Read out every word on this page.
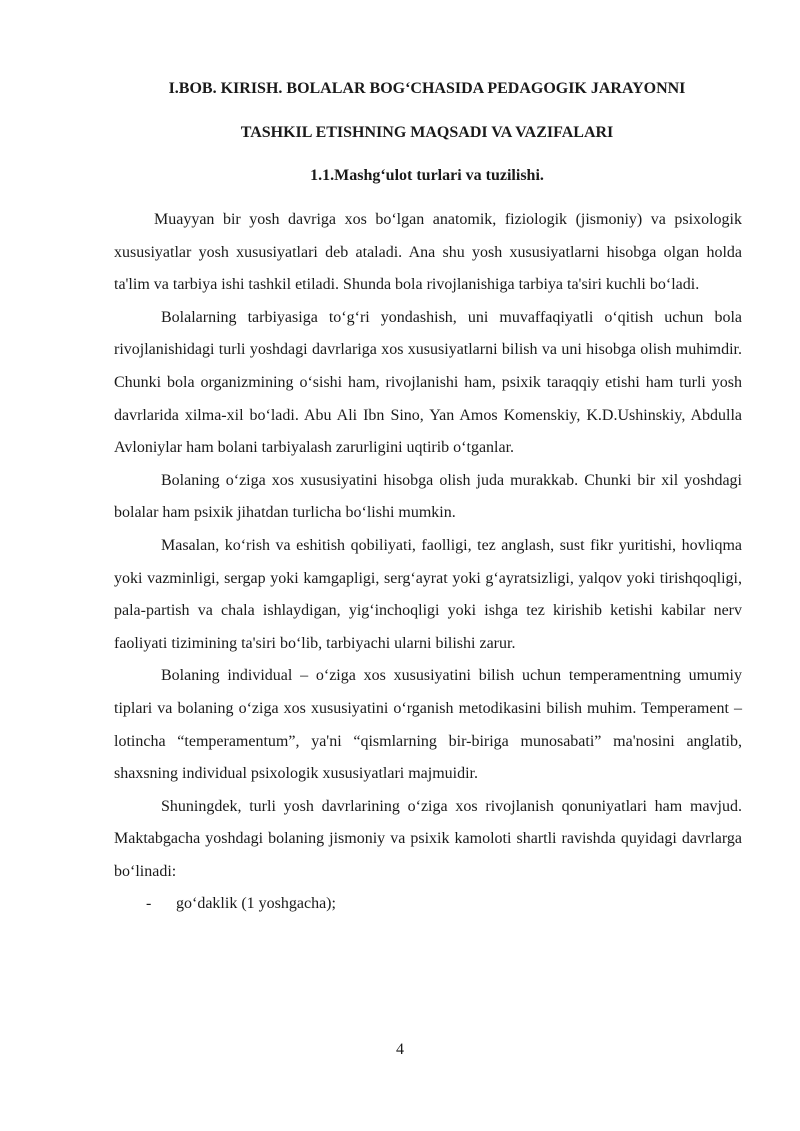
I.BOB. KIRISH. BOLALAR BOG‘CHASIDA PEDAGOGIK JARAYONNI
TASHKIL ETISHNING MAQSADI VA VAZIFALARI
1.1.Mashg‘ulot turlari va tuzilishi.

Muayyan bir yosh davriga xos bo‘lgan anatomik, fiziologik (jismoniy) va psixologik xususiyatlar yosh xususiyatlari deb ataladi. Ana shu yosh xususiyatlarni hisobga olgan holda ta'lim va tarbiya ishi tashkil etiladi. Shunda bola rivojlanishiga tarbiya ta'siri kuchli bo‘ladi.

Bolalarning tarbiyasiga to‘g‘ri yondashish, uni muvaffaqiyatli o‘qitish uchun bola rivojlanishidagi turli yoshdagi davrlariga xos xususiyatlarni bilish va uni hisobga olish muhimdir. Chunki bola organizmining o‘sishi ham, rivojlanishi ham, psixik taraqqiy etishi ham turli yosh davrlarida xilma-xil bo‘ladi. Abu Ali Ibn Sino, Yan Amos Komenskiy, K.D.Ushinskiy, Abdulla Avloniylar ham bolani tarbiyalash zarurligini uqtirib o‘tganlar.

Bolaning o‘ziga xos xususiyatini hisobga olish juda murakkab. Chunki bir xil yoshdagi bolalar ham psixik jihatdan turlicha bo‘lishi mumkin.

Masalan, ko‘rish va eshitish qobiliyati, faolligi, tez anglash, sust fikr yuritishi, hovliqma yoki vazminligi, sergap yoki kamgapligi, serg‘ayrat yoki g‘ayratsizligi, yalqov yoki tirishqoqligi, pala-partish va chala ishlaydigan, yig‘inchoqligi yoki ishga tez kirishib ketishi kabilar nerv faoliyati tizimining ta'siri bo‘lib, tarbiyachi ularni bilishi zarur.

Bolaning individual – o‘ziga xos xususiyatini bilish uchun temperamentning umumiy tiplari va bolaning o‘ziga xos xususiyatini o‘rganish metodikasini bilish muhim. Temperament – lotincha “temperamentum”, ya'ni “qismlarning bir-biriga munosabati” ma'nosini anglatib, shaxsning individual psixologik xususiyatlari majmuidir.

Shuningdek, turli yosh davrlarining o‘ziga xos rivojlanish qonuniyatlari ham mavjud. Maktabgacha yoshdagi bolaning jismoniy va psixik kamoloti shartli ravishda quyidagi davrlarga bo‘linadi:

- go‘daklik (1 yoshgacha);
4
